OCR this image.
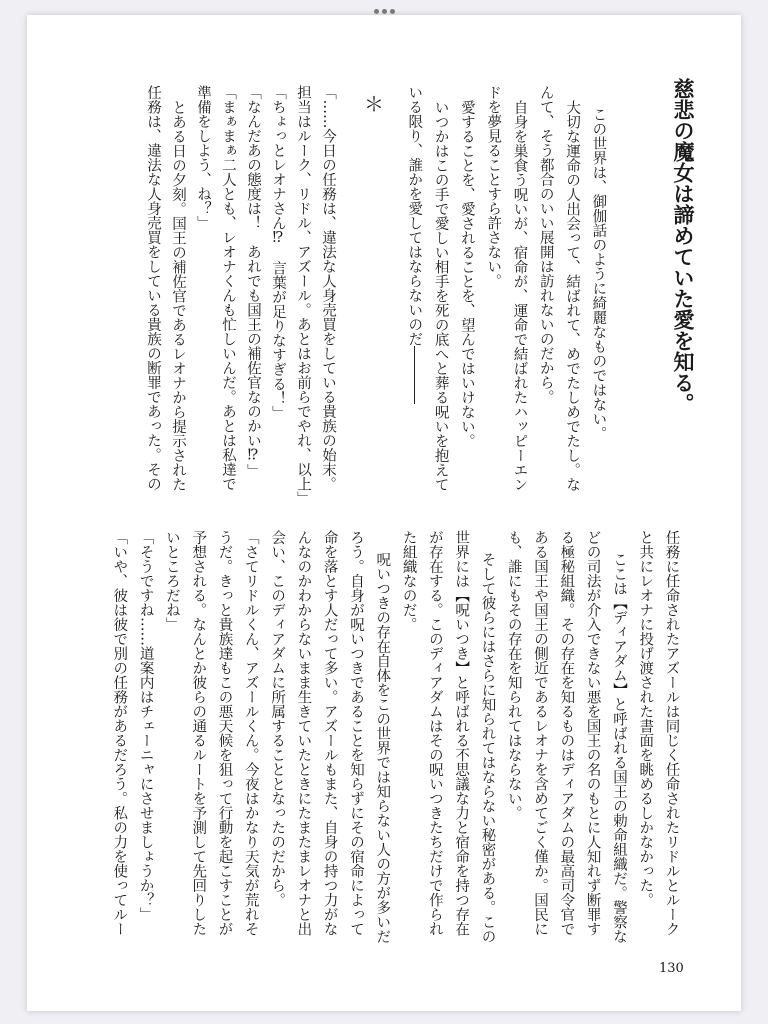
慈悲の魔女は諦めていた愛を知る。
この世界は、御伽話のように綺麗なものではない。
大切な運命の人出会って、結ばれて、めでたしめでたし。な
んて、そう都合のいい展開は訪れないのだから。
自身を巣食う呪いが、宿命が、運命で結ばれたハッピーエン
ドを夢見ることすら許さない。
愛することを、愛されることを、望んではいけない。
いつかはこの手で愛しい相手を死の底へと葬る呪いを抱えて
いる限り、誰かを愛してはならないのだ――――
＊
「……今日の任務は、違法な人身売買をしている貴族の始末。
担当はルーク、リドル、アズール。あとはお前らでやれ、以上」
「ちょっとレオナさん⁉　言葉が足りなすぎる！」
「なんだあの態度は！　あれでも国王の補佐官なのかい⁉」
「まぁまぁ二人とも、レオナくんも忙しいんだ。あとは私達で
準備をしよう、ね？」
とある日の夕刻。国王の補佐官であるレオナから提示された
任務は、違法な人身売買をしている貴族の断罪であった。その
任務に任命されたアズールは同じく任命されたリドルとルーク
と共にレオナに投げ渡された書面を眺めるしかなかった。
ここは【ディアダム】と呼ばれる国王の勅命組織だ。警察な
どの司法が介入できない悪を国王の名のもとに人知れず断罪す
る極秘組織。その存在を知るものはディアダムの最高司令官で
ある国王や国王の側近であるレオナを含めてごく僅か。国民に
も、誰にもその存在を知られてはならない。
そして彼らにはさらに知られてはならない秘密がある。この
世界には【呪いつき】と呼ばれる不思議な力と宿命を持つ存在
が存在する。このディアダムはその呪いつきたちだけで作られ
た組織なのだ。
呪いつきの存在自体をこの世界では知らない人の方が多いだ
ろう。自身が呪いつきであることを知らずにその宿命によって
命を落とす人だって多い。アズールもまた、自身の持つ力がな
んなのかわからないまま生きていたときにたまたまレオナと出
会い、このディアダムに所属することとなったのだから。
「さてリドルくん、アズールくん。今夜はかなり天気が荒れそ
うだ。きっと貴族達もこの悪天候を狙って行動を起こすことが
予想される。なんとか彼らの通るルートを予測して先回りした
いところだね」
「そうですね……道案内はチェーニャにさせましょうか？」
「いや、彼は彼で別の任務があるだろう。私の力を使ってルー
130
